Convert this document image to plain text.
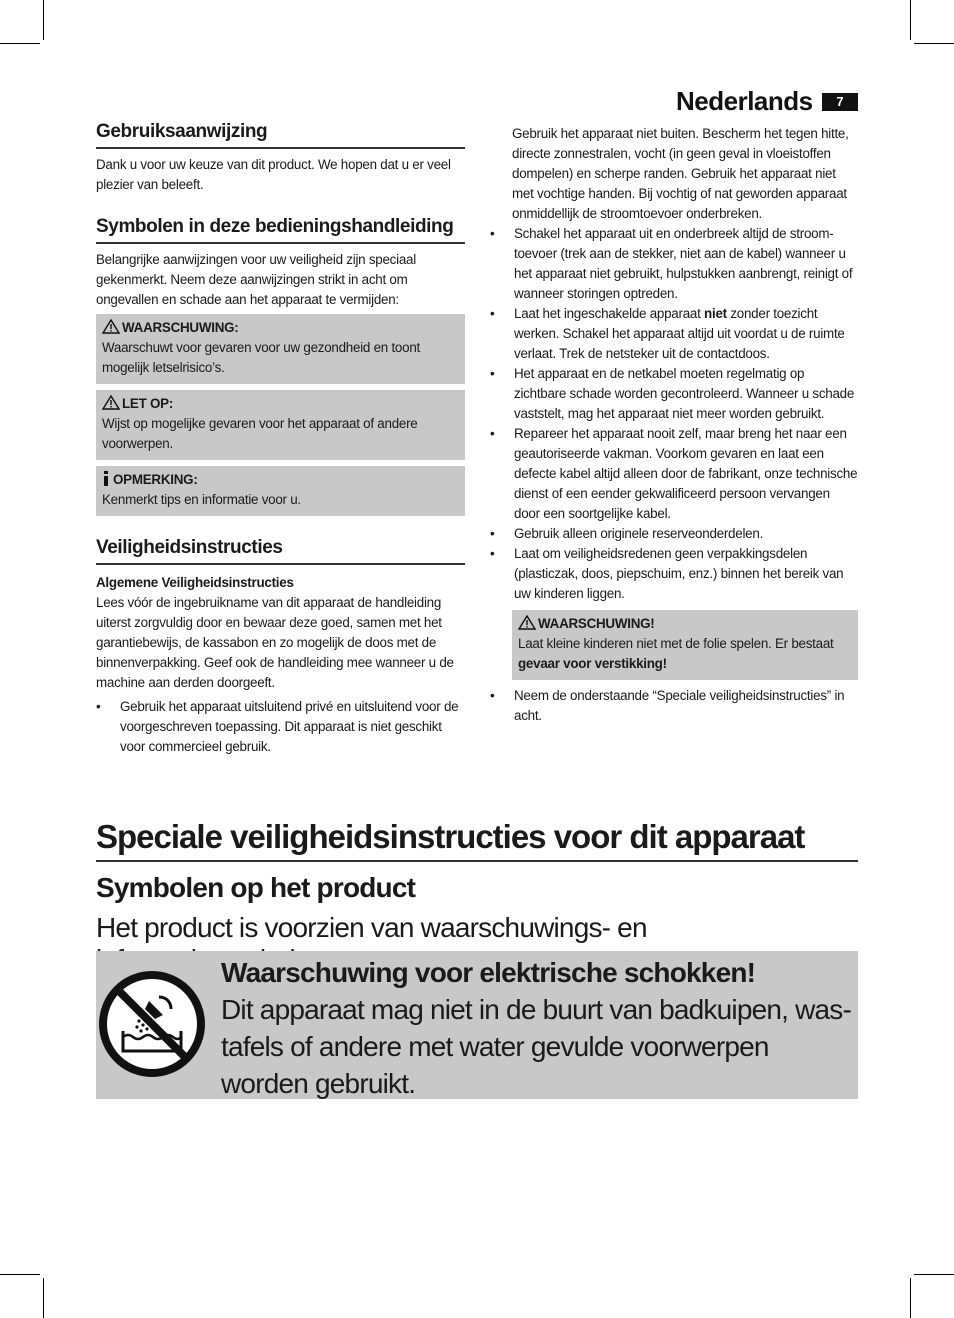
Nederlands	7
Gebruiksaanwijzing

Dank u voor uw keuze van dit product. We hopen dat u er veel plezier van beleeft.

Symbolen in deze bedieningshandleiding

Belangrijke aanwijzingen voor uw veiligheid zijn speciaal gekenmerkt. Neem deze aanwijzingen strikt in acht om ongevallen en schade aan het apparaat te vermijden:

WAARSCHUWING:

Waarschuwt voor gevaren voor uw gezondheid en toont mogelijk letselrisico’s.

LET OP:

Wijst op mogelijke gevaren voor het apparaat of andere voorwerpen.

OPMERKING:

Kenmerkt tips en informatie voor u.

Veiligheidsinstructies
Algemene Veiligheidsinstructies

Lees vóór de ingebruikname van dit apparaat de handleiding uiterst zorgvuldig door en bewaar deze goed, samen met het garantiebewijs, de kassabon en zo mogelijk de doos met de binnenverpakking. Geef ook de handleiding mee wanneer u de machine aan derden doorgeeft.

• Gebruik het apparaat uitsluitend privé en uitsluitend voor de voorgeschreven toepassing. Dit apparaat is niet geschikt voor commercieel gebruik.

Gebruik het apparaat niet buiten. Bescherm het tegen hitte, directe zonnestralen, vocht (in geen geval in vloeistoffen dompelen) en scherpe randen. Gebruik het apparaat niet met vochtige handen. Bij vochtig of nat geworden apparaat onmiddellijk de stroomtoevoer onderbreken.

• Schakel het apparaat uit en onderbreek altijd de stroomtoevoer (trek aan de stekker, niet aan de kabel) wanneer u het apparaat niet gebruikt, hulpstukken aanbrengt, reinigt of wanneer storingen optreden.
• Laat het ingeschakelde apparaat niet zonder toezicht werken. Schakel het apparaat altijd uit voordat u de ruimte verlaat. Trek de netsteker uit de contactdoos.
• Het apparaat en de netkabel moeten regelmatig op zichtbare schade worden gecontroleerd. Wanneer u schade vaststelt, mag het apparaat niet meer worden gebruikt.
• Repareer het apparaat nooit zelf, maar breng het naar een geautoriseerde vakman. Voorkom gevaren en laat een defecte kabel altijd alleen door de fabrikant, onze technische dienst of een eender gekwalificeerd persoon vervangen door een soortgelijke kabel.
• Gebruik alleen originele reserveonderdelen.
• Laat om veiligheidsredenen geen verpakkingsdelen (plasticzak, doos, piepschuim, enz.) binnen het bereik van uw kinderen liggen.
WAARSCHUWING!

Laat kleine kinderen niet met de folie spelen. Er bestaat

gevaar voor verstikking!

• Neem de onderstaande “Speciale veiligheidsinstructies” in acht.
Speciale veiligheidsinstructies voor dit apparaat
Symbolen op het product
Het product is voorzien van waarschuwings- en
Waarschuwing voor elektrische schokken!
Dit apparaat mag niet in de buurt van badkuipen, wastafels of andere met water gevulde voorwerpen worden gebruikt.
